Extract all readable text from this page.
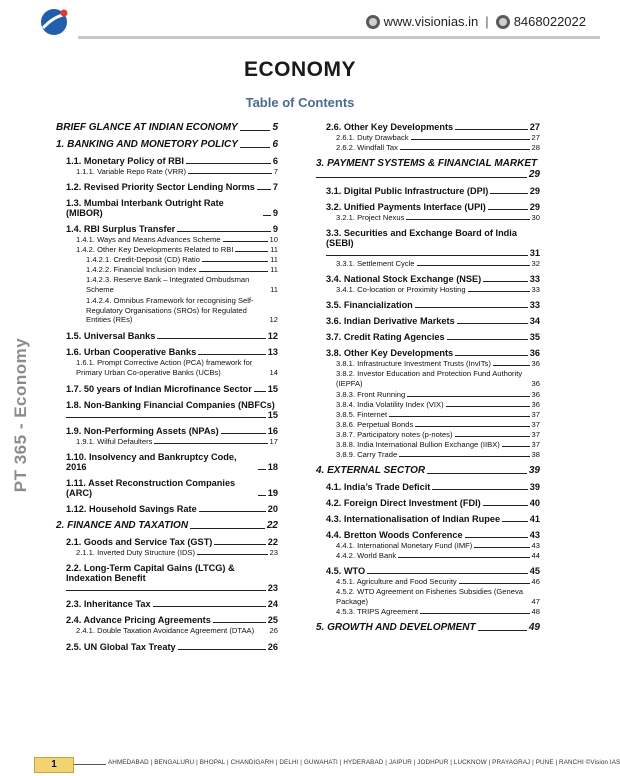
www.visionias.in | 8468022022
PT 365 - Economy
ECONOMY
Table of Contents
BRIEF GLANCE AT INDIAN ECONOMY	5
1. BANKING AND MONETORY POLICY	6
1.1. Monetary Policy of RBI	6
1.1.1. Variable Repo Rate (VRR)	7
1.2. Revised Priority Sector Lending Norms 7
1.3. Mumbai Interbank Outright Rate (MIBOR)	9
1.4. RBI Surplus Transfer	9
1.4.1. Ways and Means Advances Scheme	10
1.4.2. Other Key Developments Related to RBI	11
1.4.2.1. Credit-Deposit (CD) Ratio	11
1.4.2.2. Financial Inclusion Index	11
1.4.2.3. Reserve Bank – Integrated Ombudsman Scheme	11
1.4.2.4. Omnibus Framework for recognising Self-Regulatory Organisations (SROs) for Regulated Entities (REs)	12
1.5. Universal Banks	12
1.6. Urban Cooperative Banks	13
1.6.1. Prompt Corrective Action (PCA) framework for Primary Urban Co-operative Banks (UCBs)	14
1.7. 50 years of Indian Microfinance Sector 15
1.8. Non-Banking Financial Companies (NBFCs)
15
1.9. Non-Performing Assets (NPAs)	16
1.9.1. Wilful Defaulters	17
1.10. Insolvency and Bankruptcy Code, 2016	18
1.11. Asset Reconstruction Companies (ARC)	19
1.12. Household Savings Rate	20
2. FINANCE AND TAXATION	22
2.1. Goods and Service Tax (GST)	22
2.1.1. Inverted Duty Structure (IDS)	23
2.2. Long-Term Capital Gains (LTCG) & Indexation Benefit
23
2.3. Inheritance Tax	24
2.4. Advance Pricing Agreements	25
2.4.1. Double Taxation Avoidance Agreement (DTAA)	26
2.5. UN Global Tax Treaty	26
2.6. Other Key Developments	27
2.6.1. Duty Drawback	27
2.6.2. Windfall Tax	28
3. PAYMENT SYSTEMS & FINANCIAL MARKET
29
3.1. Digital Public Infrastructure (DPI)	29
3.2. Unified Payments Interface (UPI)	29
3.2.1. Project Nexus	30
3.3. Securities and Exchange Board of India (SEBI)
31
3.3.1. Settlement Cycle	32
3.4. National Stock Exchange (NSE)	33
3.4.1. Co-location or Proximity Hosting	33
3.5. Financialization	33
3.6. Indian Derivative Markets	34
3.7. Credit Rating Agencies	35
3.8. Other Key Developments	36
3.8.1. Infrastructure Investment Trusts (InvITs)	36
3.8.2. Investor Education and Protection Fund Authority (IEPFA)	36
3.8.3. Front Running	36
3.8.4. India Volatility Index (VIX)	36
3.8.5. Finternet	37
3.8.6. Perpetual Bonds	37
3.8.7. Participatory notes (p-notes)	37
3.8.8. India International Bullion Exchange (IIBX)	37
3.8.9. Carry Trade	38
4. EXTERNAL SECTOR	39
4.1. India’s Trade Deficit	39
4.2. Foreign Direct Investment (FDI)	40
4.3. Internationalisation of Indian Rupee	41
4.4. Bretton Woods Conference	43
4.4.1. International Monetary Fund (IMF)	43
4.4.2. World Bank	44
4.5. WTO	45
4.5.1. Agriculture and Food Security	46
4.5.2. WTD Agreement on Fisheries Subsidies (Geneva Package)	47
4.5.3. TRIPS Agreement	48
5. GROWTH AND DEVELOPMENT	49
1	AHMEDABAD | BENGALURU | BHOPAL | CHANDIGARH | DELHI | GUWAHATI | HYDERABAD | JAIPUR | JODHPUR | LUCKNOW | PRAYAGRAJ | PUNE | RANCHI ©Vision IAS
